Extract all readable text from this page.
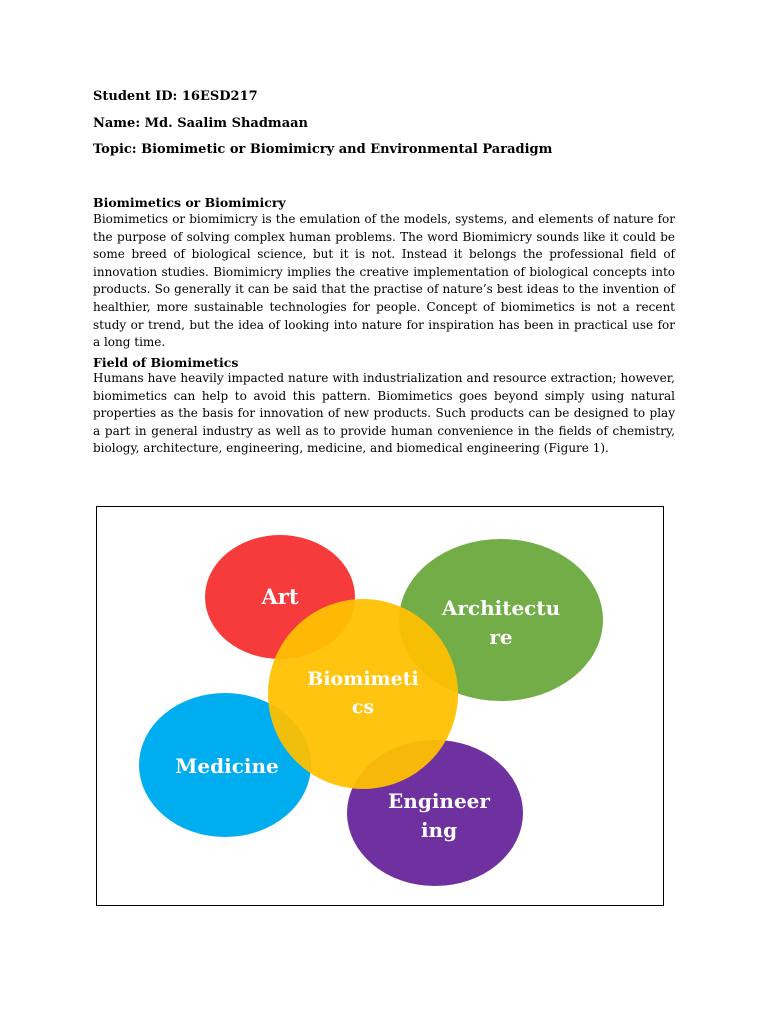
Student ID: 16ESD217
Name: Md. Saalim Shadmaan
Topic: Biomimetic or Biomimicry and Environmental Paradigm
Biomimetics or Biomimicry
Biomimetics or biomimicry is the emulation of the models, systems, and elements of nature for the purpose of solving complex human problems. The word Biomimicry sounds like it could be some breed of biological science, but it is not. Instead it belongs the professional field of innovation studies. Biomimicry implies the creative implementation of biological concepts into products. So generally it can be said that the practise of nature’s best ideas to the invention of healthier, more sustainable technologies for people. Concept of biomimetics is not a recent study or trend, but the idea of looking into nature for inspiration has been in practical use for a long time.
Field of Biomimetics
Humans have heavily impacted nature with industrialization and resource extraction; however, biomimetics can help to avoid this pattern. Biomimetics goes beyond simply using natural properties as the basis for innovation of new products. Such products can be designed to play a part in general industry as well as to provide human convenience in the fields of chemistry, biology, architecture, engineering, medicine, and biomedical engineering (Figure 1).
Art	Architectu
re
Biomimeti
cs
Medicine
Engineer
ing
